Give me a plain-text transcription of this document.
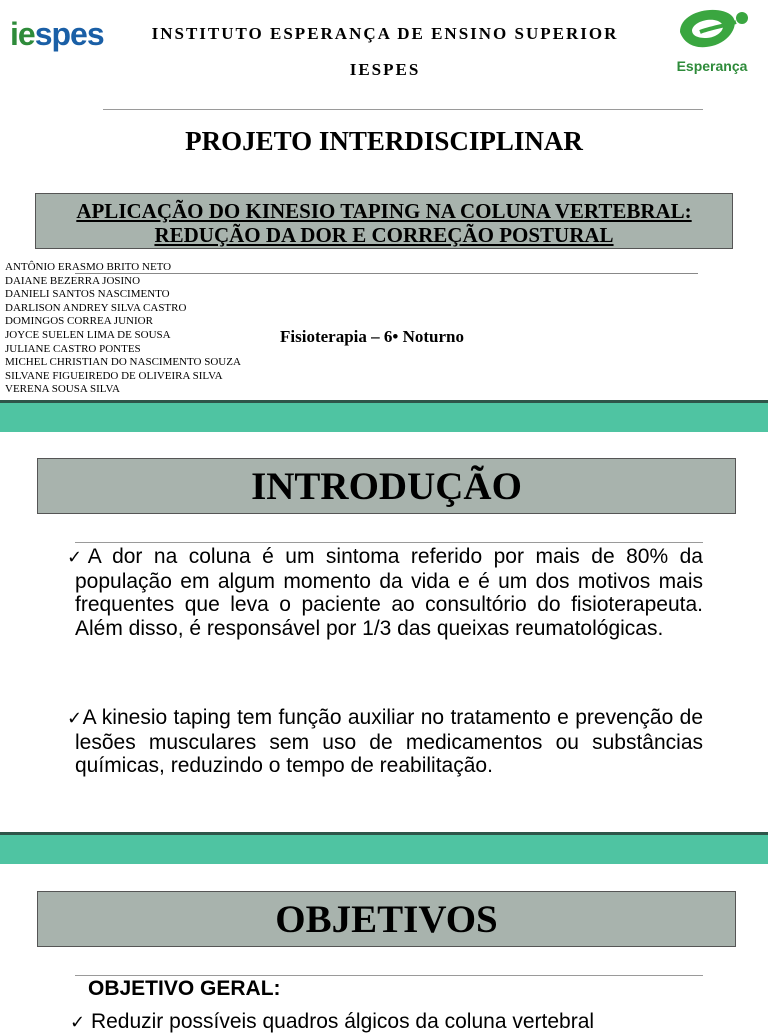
iespes	INSTITUTO ESPERANÇA DE ENSINO SUPERIOR
IESPES	Esperança
PROJETO INTERDISCIPLINAR
APLICAÇÃO DO KINESIO TAPING NA COLUNA VERTEBRAL:
REDUÇÃO DA DOR E CORREÇÃO POSTURAL
ANTÔNIO ERASMO BRITO NETO
DAIANE BEZERRA JOSINO
DANIELI SANTOS NASCIMENTO
DARLISON ANDREY SILVA CASTRO
DOMINGOS CORREA JUNIOR
JOYCE SUELEN LIMA DE SOUSA
JULIANE CASTRO PONTES
MICHEL CHRISTIAN DO NASCIMENTO SOUZA
SILVANE FIGUEIREDO DE OLIVEIRA SILVA
VERENA SOUSA SILVA
Fisioterapia – 6• Noturno
INTRODUÇÃO
✓A dor na coluna é um sintoma referido por mais de 80% da população em algum momento da vida e é um dos motivos mais frequentes que leva o paciente ao consultório do fisioterapeuta. Além disso, é responsável por 1/3 das queixas reumatológicas.
✓A kinesio taping tem função auxiliar no tratamento e prevenção de lesões musculares sem uso de medicamentos ou substâncias químicas, reduzindo o tempo de reabilitação.
OBJETIVOS
OBJETIVO GERAL:
✓ Reduzir possíveis quadros álgicos da coluna vertebral
